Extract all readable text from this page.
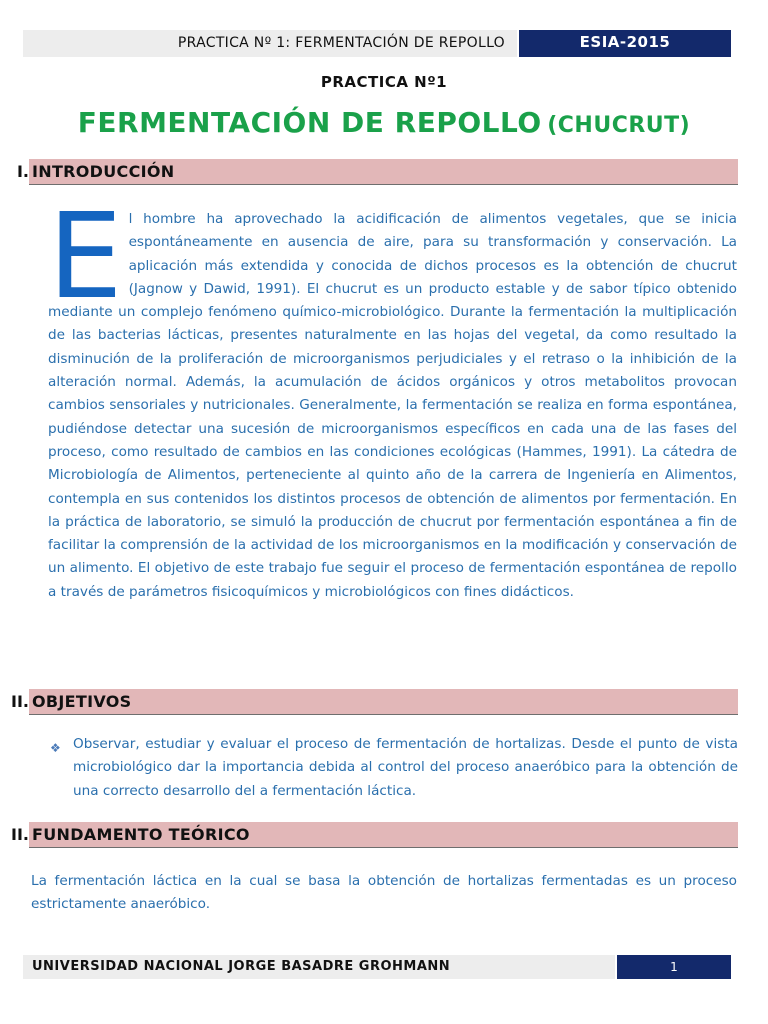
PRACTICA Nº 1: FERMENTACIÓN DE REPOLLO	ESIA-2015
PRACTICA Nº1
FERMENTACIÓN DE REPOLLO (CHUCRUT)
I. INTRODUCCIÓN
E l hombre ha aprovechado la acidificación de alimentos vegetales, que se inicia espontáneamente en ausencia de aire, para su transformación y conservación. La aplicación más extendida y conocida de dichos procesos es la obtención de chucrut (Jagnow y Dawid, 1991). El chucrut es un producto estable y de sabor típico obtenido mediante un complejo fenómeno químico-microbiológico. Durante la fermentación la multiplicación de las bacterias lácticas, presentes naturalmente en las hojas del vegetal, da como resultado la disminución de la proliferación de microorganismos perjudiciales y el retraso o la inhibición de la alteración normal. Además, la acumulación de ácidos orgánicos y otros metabolitos provocan cambios sensoriales y nutricionales. Generalmente, la fermentación se realiza en forma espontánea, pudiéndose detectar una sucesión de microorganismos específicos en cada una de las fases del proceso, como resultado de cambios en las condiciones ecológicas (Hammes, 1991). La cátedra de Microbiología de Alimentos, perteneciente al quinto año de la carrera de Ingeniería en Alimentos, contempla en sus contenidos los distintos procesos de obtención de alimentos por fermentación. En la práctica de laboratorio, se simuló la producción de chucrut por fermentación espontánea a fin de facilitar la comprensión de la actividad de los microorganismos en la modificación y conservación de un alimento. El objetivo de este trabajo fue seguir el proceso de fermentación espontánea de repollo a través de parámetros fisicoquímicos y microbiológicos con fines didácticos.
II. OBJETIVOS
❖ Observar, estudiar y evaluar el proceso de fermentación de hortalizas. Desde el punto de vista microbiológico dar la importancia debida al control del proceso anaeróbico para la obtención de una correcto desarrollo del a fermentación láctica.
II. FUNDAMENTO TEÓRICO
La fermentación láctica en la cual se basa la obtención de hortalizas fermentadas es un proceso estrictamente anaeróbico.
UNIVERSIDAD NACIONAL JORGE BASADRE GROHMANN	1
